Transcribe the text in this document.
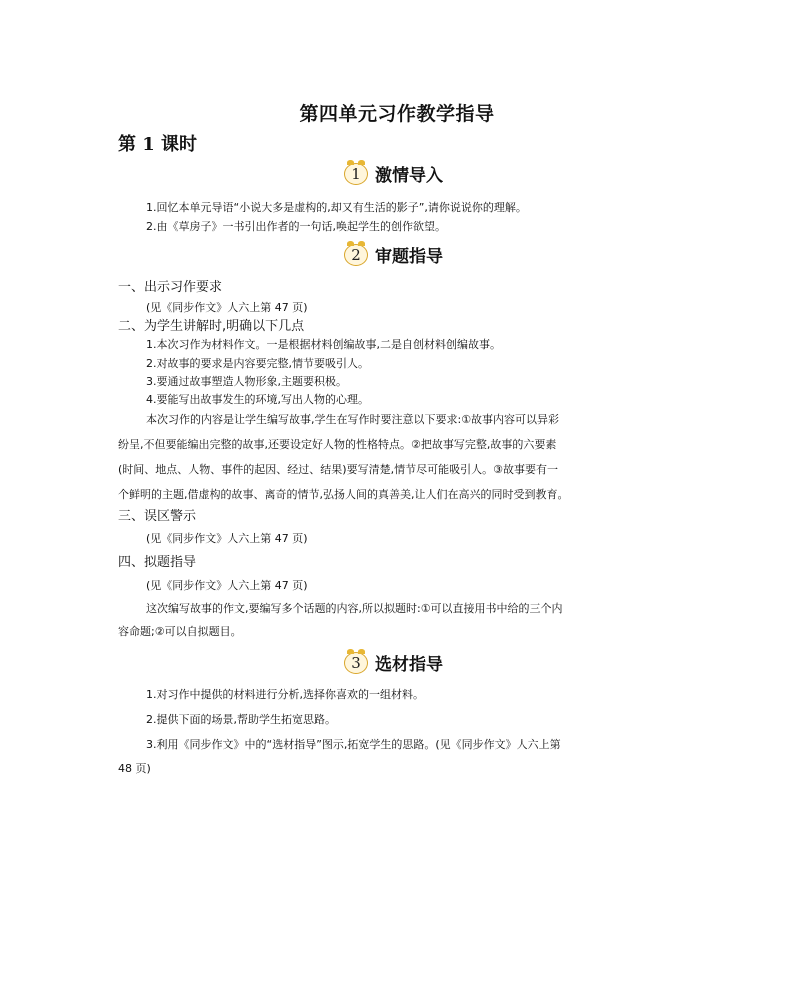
第四单元习作教学指导
第 1 课时
1 激情导入
1.回忆本单元导语“小说大多是虚构的,却又有生活的影子”,请你说说你的理解。
2.由《草房子》一书引出作者的一句话,唤起学生的创作欲望。
2 审题指导
一、出示习作要求
(见《同步作文》人六上第 47 页)
二、为学生讲解时,明确以下几点
1.本次习作为材料作文。一是根据材料创编故事,二是自创材料创编故事。
2.对故事的要求是内容要完整,情节要吸引人。
3.要通过故事塑造人物形象,主题要积极。
4.要能写出故事发生的环境,写出人物的心理。
本次习作的内容是让学生编写故事,学生在写作时要注意以下要求:①故事内容可以异彩
纷呈,不但要能编出完整的故事,还要设定好人物的性格特点。②把故事写完整,故事的六要素
(时间、地点、人物、事件的起因、经过、结果)要写清楚,情节尽可能吸引人。③故事要有一
个鲜明的主题,借虚构的故事、离奇的情节,弘扬人间的真善美,让人们在高兴的同时受到教育。
三、误区警示
(见《同步作文》人六上第 47 页)
四、拟题指导
(见《同步作文》人六上第 47 页)
这次编写故事的作文,要编写多个话题的内容,所以拟题时:①可以直接用书中给的三个内
容命题;②可以自拟题目。
3 选材指导
1.对习作中提供的材料进行分析,选择你喜欢的一组材料。
2.提供下面的场景,帮助学生拓宽思路。
3.利用《同步作文》中的“选材指导”图示,拓宽学生的思路。(见《同步作文》人六上第
48 页)
